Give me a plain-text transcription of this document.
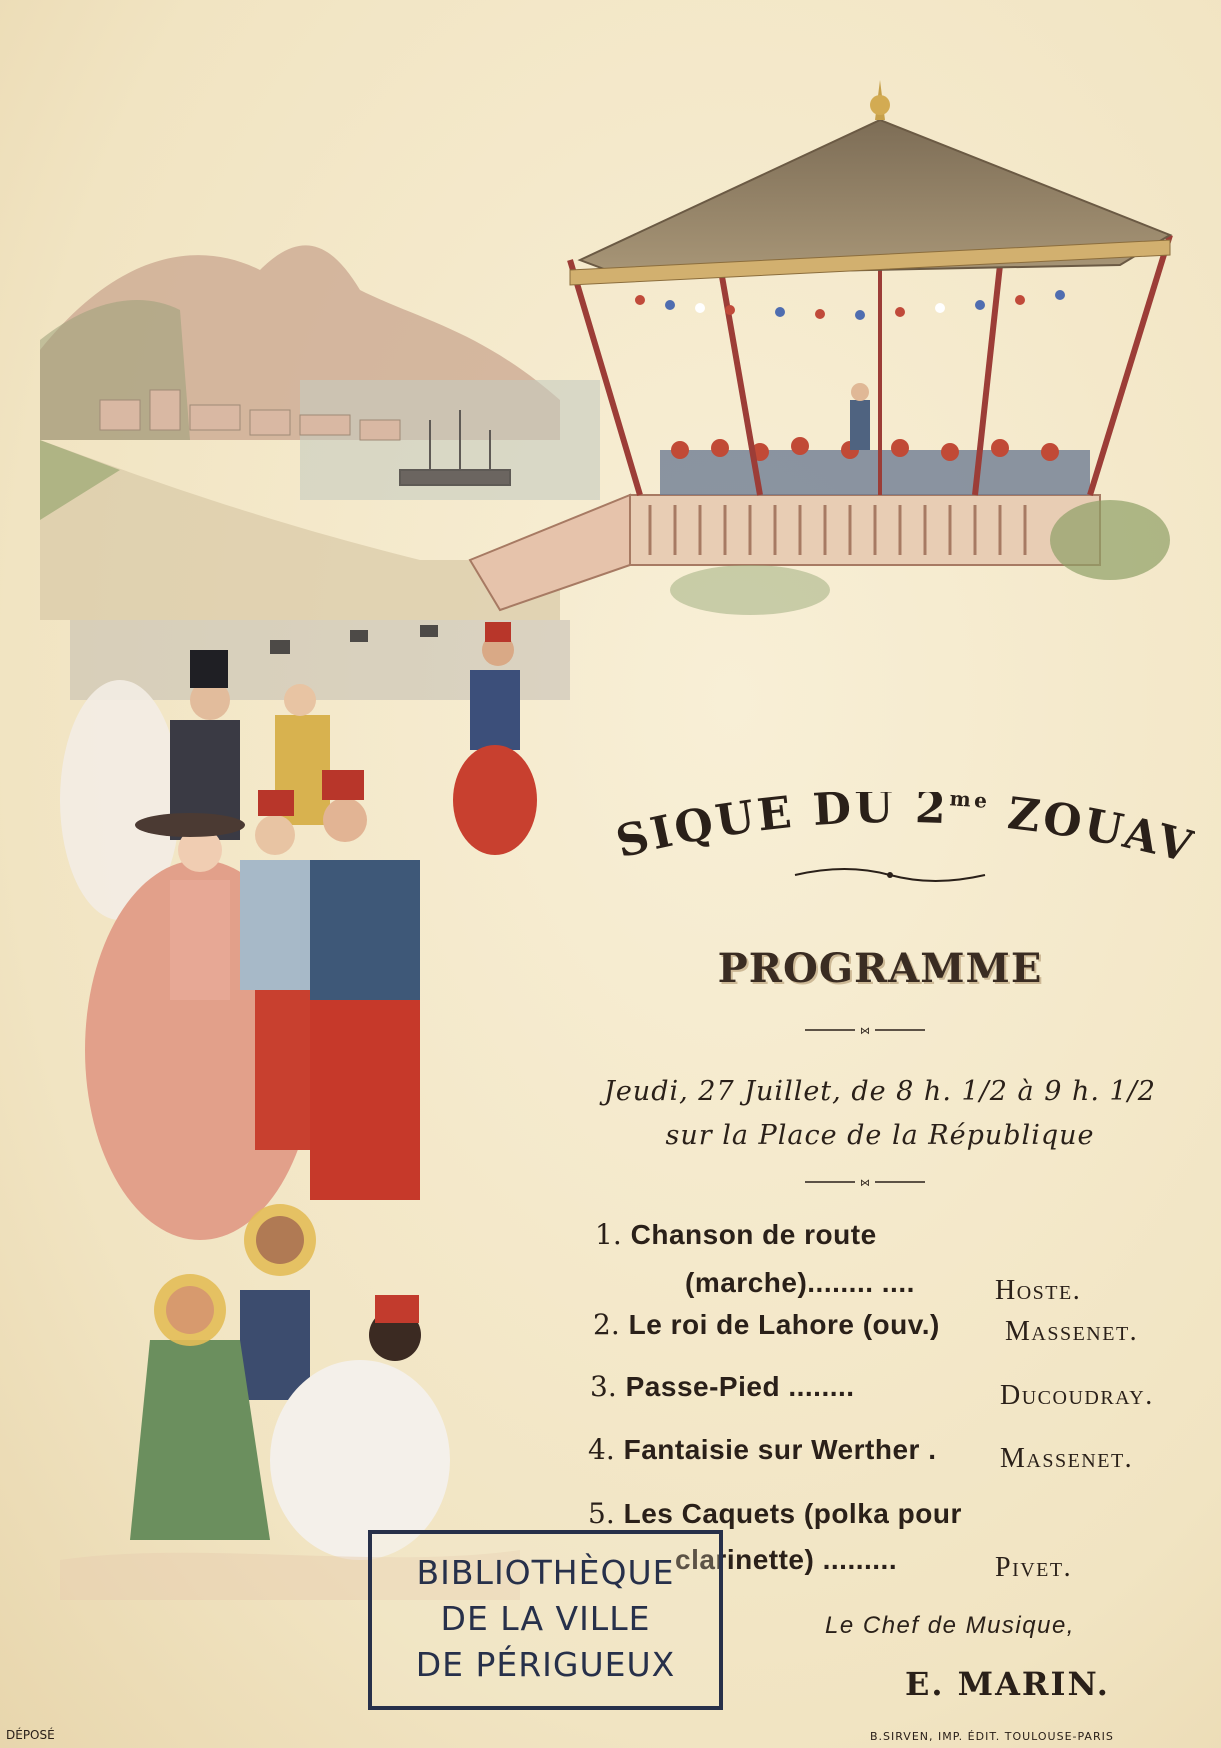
SIQUE DU $2^{me}$ ZOUA
PROGRAMME
⋈
Jeudi, 27 Juillet, de 8 h. 1/2 à 9 h. 1/2
sur la Place de la République
⋈
1. Chanson de route
(marche)........ ....	Hoste.
2. Le roi de Lahore (ouv.) Massenet.
3. Passe-Pied ........	Ducoudray.
4. Fantaisie sur Werther . Massenet.
5. Les Caquets (polka pour
clarinette) .........	Pivet.
Le Chef de Musique,
E. MARIN.
BIBLIOTHÈQUE
DE LA VILLE
DE PÉRIGUEUX
DÉPOSÉ	B.SIRVEN, IMP. ÉDIT. TOULOUSE-PARIS
